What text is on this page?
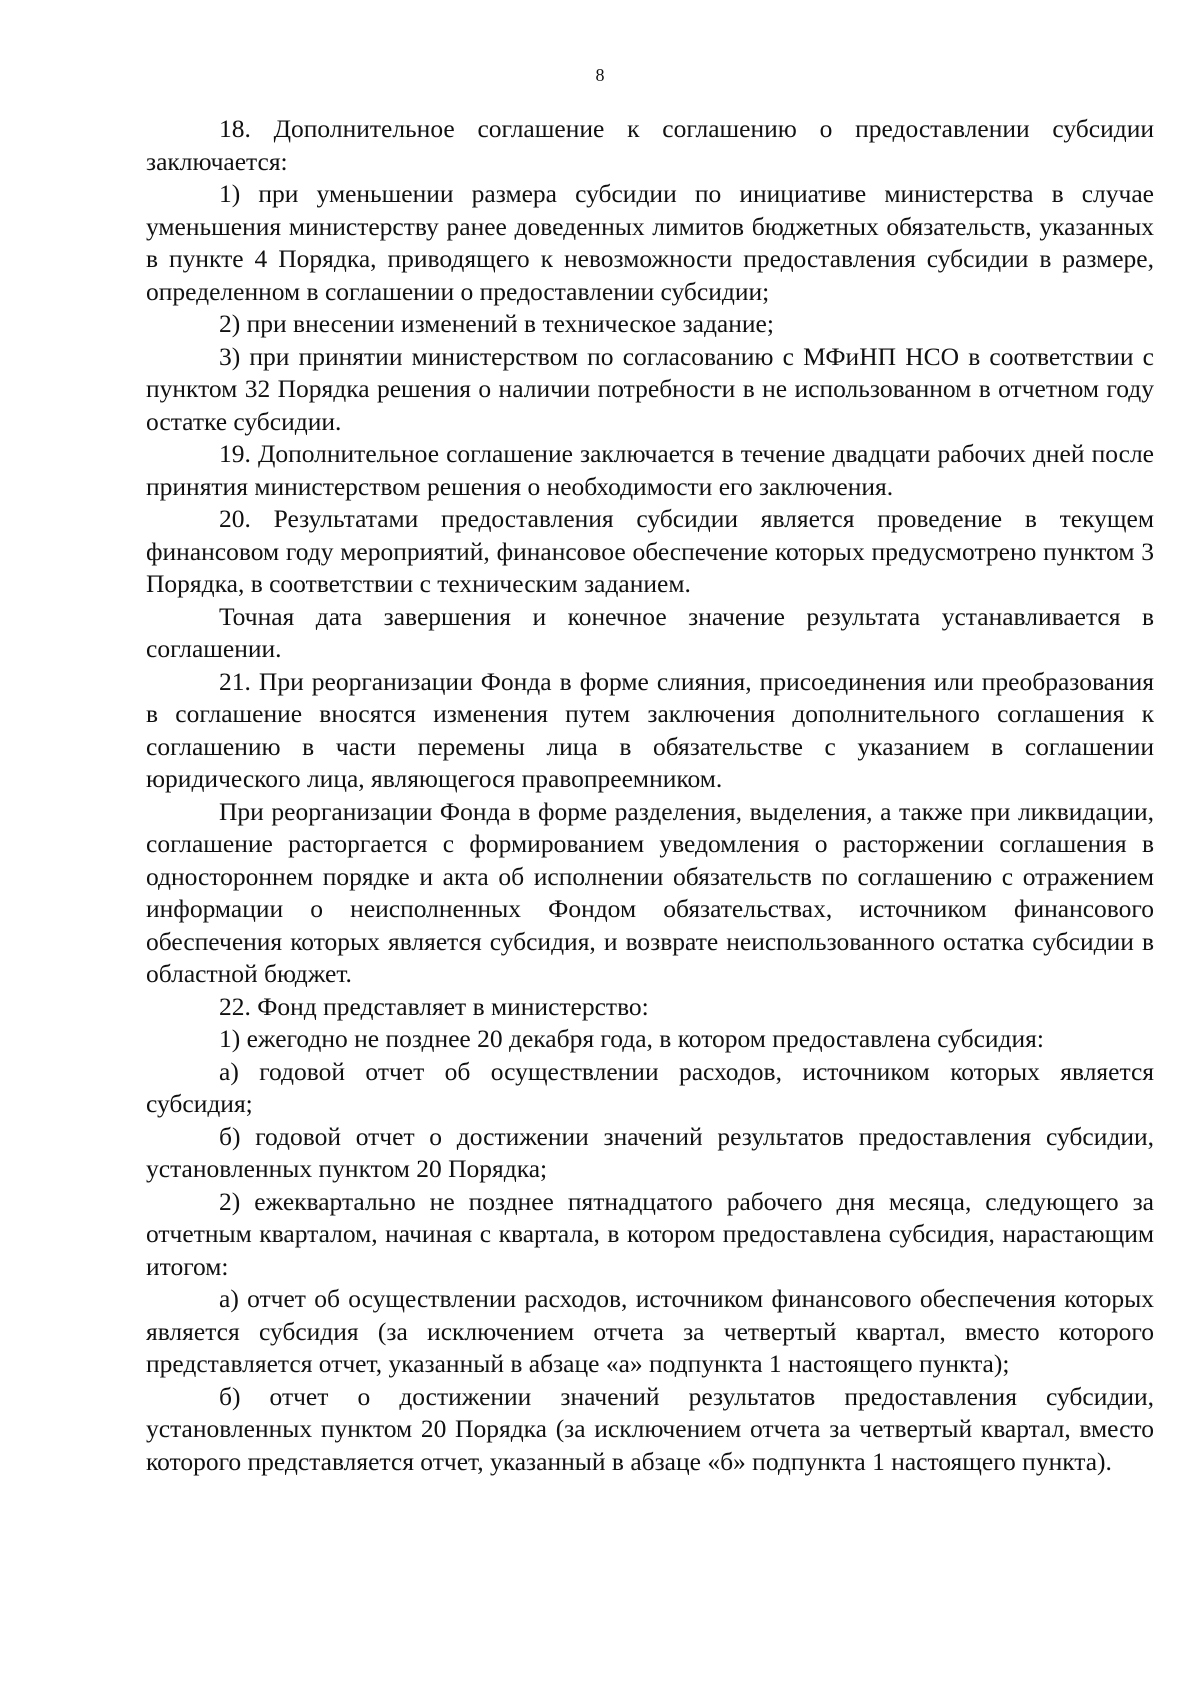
8

18. Дополнительное соглашение к соглашению о предоставлении субсидии заключается:

1) при уменьшении размера субсидии по инициативе министерства в случае уменьшения министерству ранее доведенных лимитов бюджетных обязательств, указанных в пункте 4 Порядка, приводящего к невозможности предоставления субсидии в размере, определенном в соглашении о предоставлении субсидии;

2) при внесении изменений в техническое задание;

3) при принятии министерством по согласованию с МФиНП НСО в соответствии с пунктом 32 Порядка решения о наличии потребности в не использованном в отчетном году остатке субсидии.

19. Дополнительное соглашение заключается в течение двадцати рабочих дней после принятия министерством решения о необходимости его заключения.

20. Результатами предоставления субсидии является проведение в текущем финансовом году мероприятий, финансовое обеспечение которых предусмотрено пунктом 3 Порядка, в соответствии с техническим заданием.

Точная дата завершения и конечное значение результата устанавливается в соглашении.

21. При реорганизации Фонда в форме слияния, присоединения или преобразования в соглашение вносятся изменения путем заключения дополнительного соглашения к соглашению в части перемены лица в обязательстве с указанием в соглашении юридического лица, являющегося правопреемником.

При реорганизации Фонда в форме разделения, выделения, а также при ликвидации, соглашение расторгается с формированием уведомления о расторжении соглашения в одностороннем порядке и акта об исполнении обязательств по соглашению с отражением информации о неисполненных Фондом обязательствах, источником финансового обеспечения которых является субсидия, и возврате неиспользованного остатка субсидии в областной бюджет.

22. Фонд представляет в министерство:

1) ежегодно не позднее 20 декабря года, в котором предоставлена субсидия:

а) годовой отчет об осуществлении расходов, источником которых является субсидия;

б) годовой отчет о достижении значений результатов предоставления субсидии, установленных пунктом 20 Порядка;

2) ежеквартально не позднее пятнадцатого рабочего дня месяца, следующего за отчетным кварталом, начиная с квартала, в котором предоставлена субсидия, нарастающим итогом:

а) отчет об осуществлении расходов, источником финансового обеспечения которых является субсидия (за исключением отчета за четвертый квартал, вместо которого представляется отчет, указанный в абзаце «а» подпункта 1 настоящего пункта);

б) отчет о достижении значений результатов предоставления субсидии, установленных пунктом 20 Порядка (за исключением отчета за четвертый квартал, вместо которого представляется отчет, указанный в абзаце «б» подпункта 1 настоящего пункта).
